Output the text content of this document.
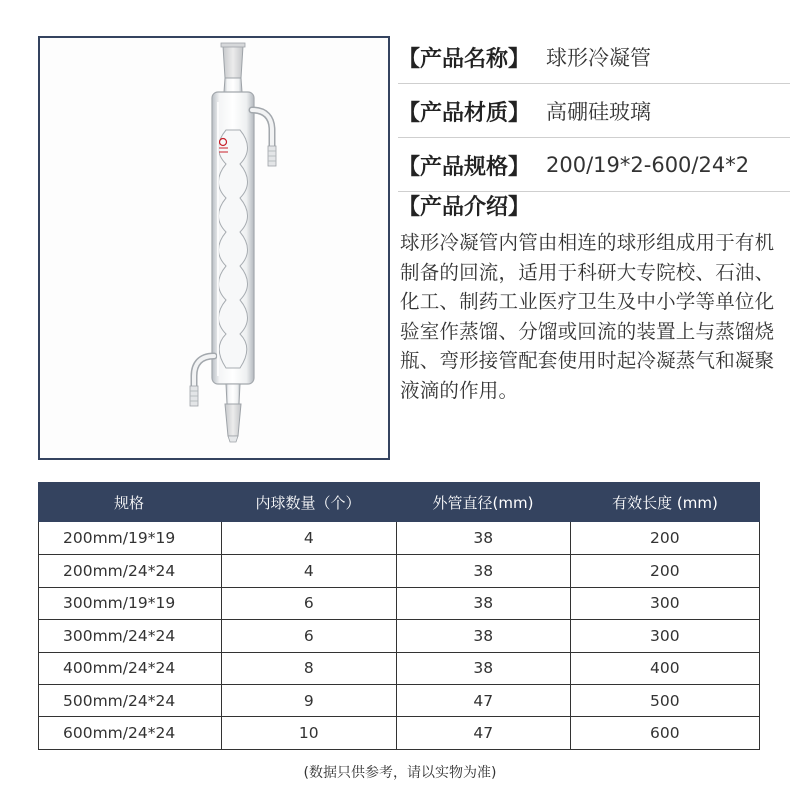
【产品名称】 球形冷凝管
【产品材质】 高硼硅玻璃
【产品规格】 200/19*2-600/24*2
【产品介绍】
球形冷凝管内管由相连的球形组成用于有机制备的回流，适用于科研大专院校、石油、化工、制药工业医疗卫生及中小学等单位化验室作蒸馏、分馏或回流的装置上与蒸馏烧瓶、弯形接管配套使用时起冷凝蒸气和凝聚液滴的作用。
规格	内球数量（个）	外管直径(mm)	有效长度 (mm)
200mm/19*19	4	38	200
200mm/24*24	4	38	200
300mm/19*19	6	38	300
300mm/24*24	6	38	300
400mm/24*24	8	38	400
500mm/24*24	9	47	500
600mm/24*24	10	47	600
(数据只供参考，请以实物为准)
